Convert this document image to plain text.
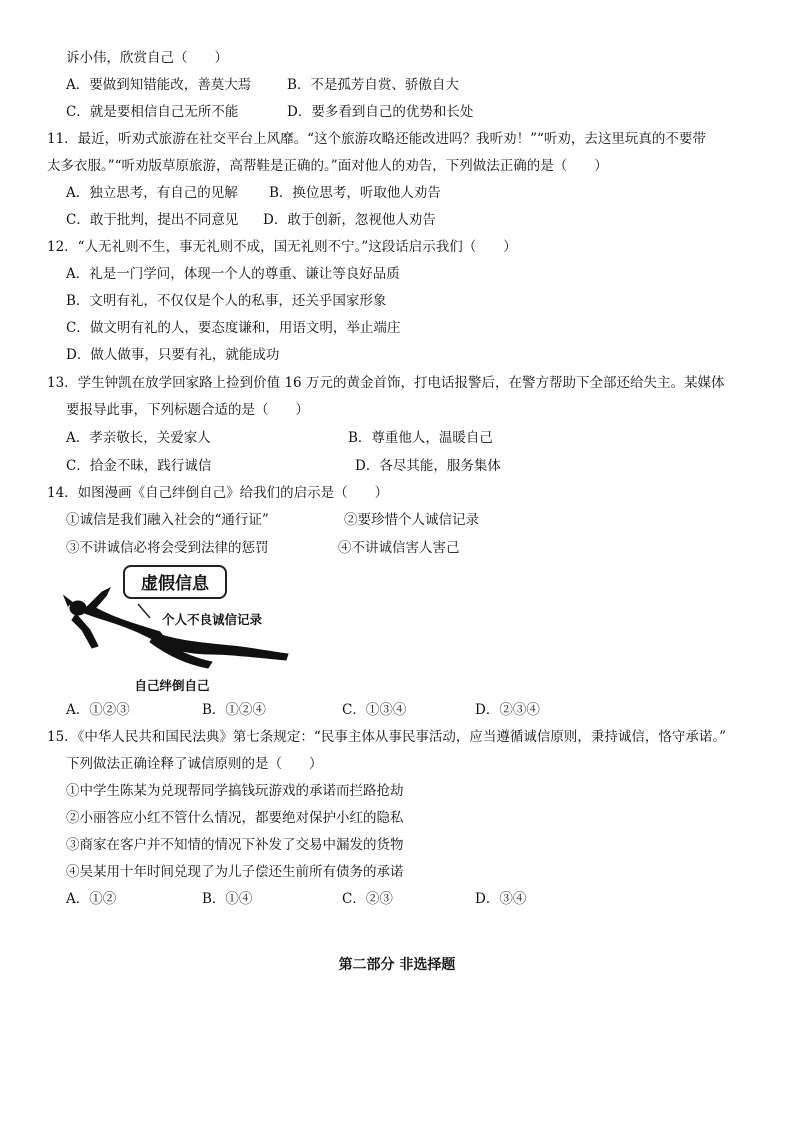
诉小伟，欣赏自己（　　）
A．要做到知错能改，善莫大焉	B．不是孤芳自赏、骄傲自大
C．就是要相信自己无所不能	D．要多看到自己的优势和长处
11．最近，听劝式旅游在社交平台上风靡。“这个旅游攻略还能改进吗？我听劝！”“听劝，去这里玩真的不要带
太多衣服。”“听劝版草原旅游，高帮鞋是正确的。”面对他人的劝告，下列做法正确的是（　　）
A．独立思考，有自己的见解 B．换位思考，听取他人劝告
C．敢于批判，提出不同意见 D．敢于创新，忽视他人劝告
12．“人无礼则不生，事无礼则不成，国无礼则不宁。”这段话启示我们（　　）
A．礼是一门学问，体现一个人的尊重、谦让等良好品质
B．文明有礼，不仅仅是个人的私事，还关乎国家形象
C．做文明有礼的人，要态度谦和，用语文明，举止端庄
D．做人做事，只要有礼，就能成功
13．学生钟凯在放学回家路上捡到价值 16 万元的黄金首饰，打电话报警后，在警方帮助下全部还给失主。某媒体
要报导此事，下列标题合适的是（　　）
A．孝亲敬长，关爱家人	B．尊重他人，温暖自己
C．拾金不昧，践行诚信	D．各尽其能，服务集体
14．如图漫画《自己绊倒自己》给我们的启示是（　　）
①诚信是我们融入社会的“通行证”	②要珍惜个人诚信记录
③不讲诚信必将会受到法律的惩罚	④不讲诚信害人害己
虚假信息
个人不良诚信记录
自己绊倒自己
A．①②③	B．①②④	C．①③④	D．②③④
15．《中华人民共和国民法典》第七条规定：“民事主体从事民事活动，应当遵循诚信原则，秉持诚信，恪守承诺。”
下列做法正确诠释了诚信原则的是（　　）
①中学生陈某为兑现帮同学搞钱玩游戏的承诺而拦路抢劫
②小丽答应小红不管什么情况，都要绝对保护小红的隐私
③商家在客户并不知情的情况下补发了交易中漏发的货物
④吴某用十年时间兑现了为儿子偿还生前所有债务的承诺
A．①②	B．①④	C．②③	D．③④
第二部分 非选择题
